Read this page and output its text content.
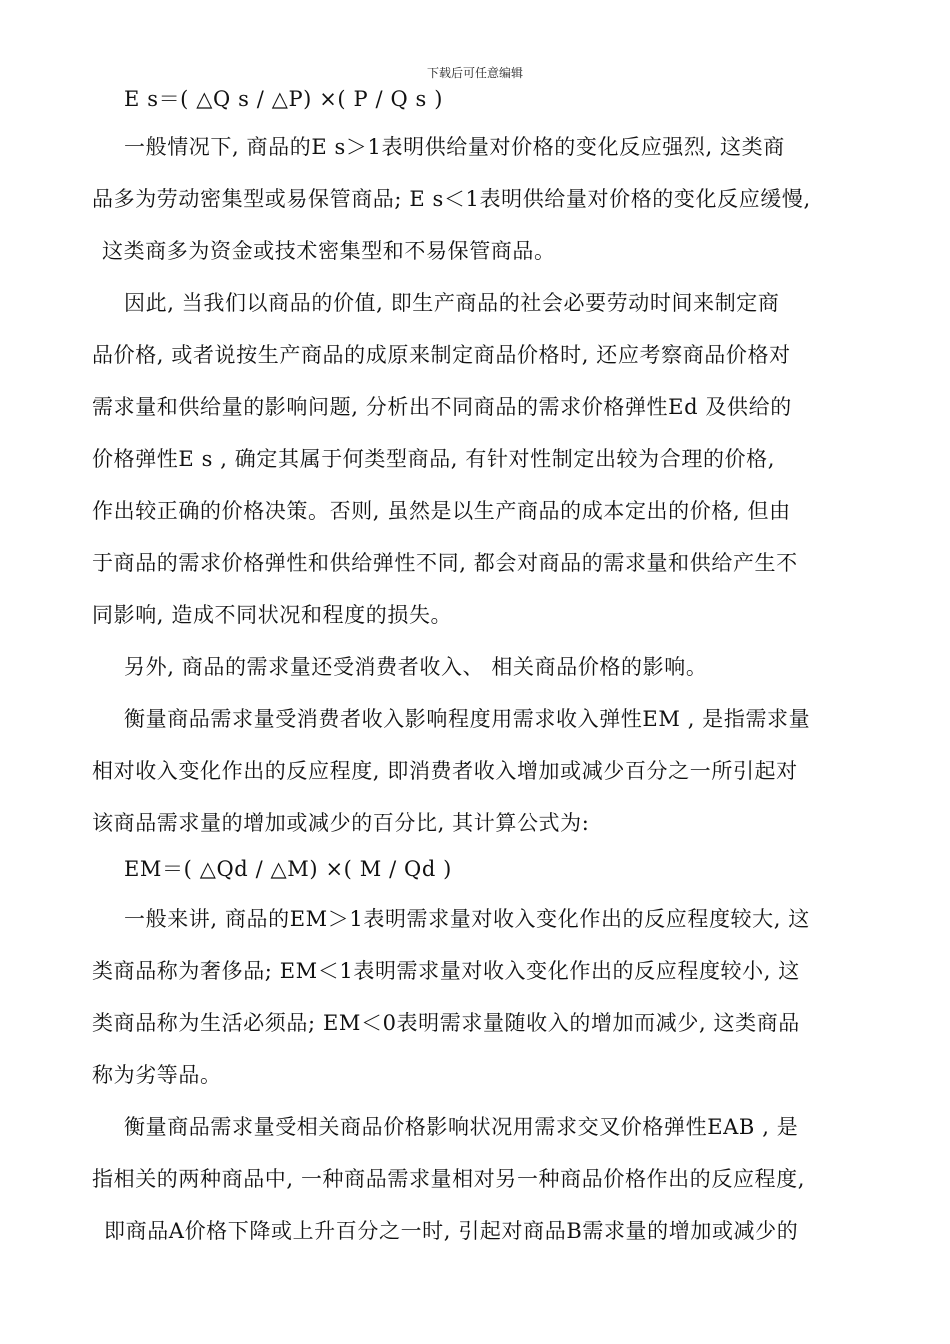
下载后可任意编辑
E s＝( △Q s / △P) ×( P / Q s )
一般情况下, 商品的E s＞1表明供给量对价格的变化反应强烈, 这类商
品多为劳动密集型或易保管商品; E s＜1表明供给量对价格的变化反应缓慢,
这类商多为资金或技术密集型和不易保管商品。
因此, 当我们以商品的价值, 即生产商品的社会必要劳动时间来制定商
品价格, 或者说按生产商品的成原来制定商品价格时, 还应考察商品价格对
需求量和供给量的影响问题, 分析出不同商品的需求价格弹性Ed 及供给的
价格弹性E s , 确定其属于何类型商品, 有针对性制定出较为合理的价格,
作出较正确的价格决策。否则, 虽然是以生产商品的成本定出的价格, 但由
于商品的需求价格弹性和供给弹性不同, 都会对商品的需求量和供给产生不
同影响, 造成不同状况和程度的损失。
另外, 商品的需求量还受消费者收入、 相关商品价格的影响。
衡量商品需求量受消费者收入影响程度用需求收入弹性EM , 是指需求量
相对收入变化作出的反应程度, 即消费者收入增加或减少百分之一所引起对
该商品需求量的增加或减少的百分比, 其计算公式为:
EM＝( △Qd / △M) ×( M / Qd )
一般来讲, 商品的EM＞1表明需求量对收入变化作出的反应程度较大, 这
类商品称为奢侈品; EM＜1表明需求量对收入变化作出的反应程度较小, 这
类商品称为生活必须品; EM＜0表明需求量随收入的增加而减少, 这类商品
称为劣等品。
衡量商品需求量受相关商品价格影响状况用需求交叉价格弹性EAB , 是
指相关的两种商品中, 一种商品需求量相对另一种商品价格作出的反应程度,
即商品A价格下降或上升百分之一时, 引起对商品B需求量的增加或减少的
